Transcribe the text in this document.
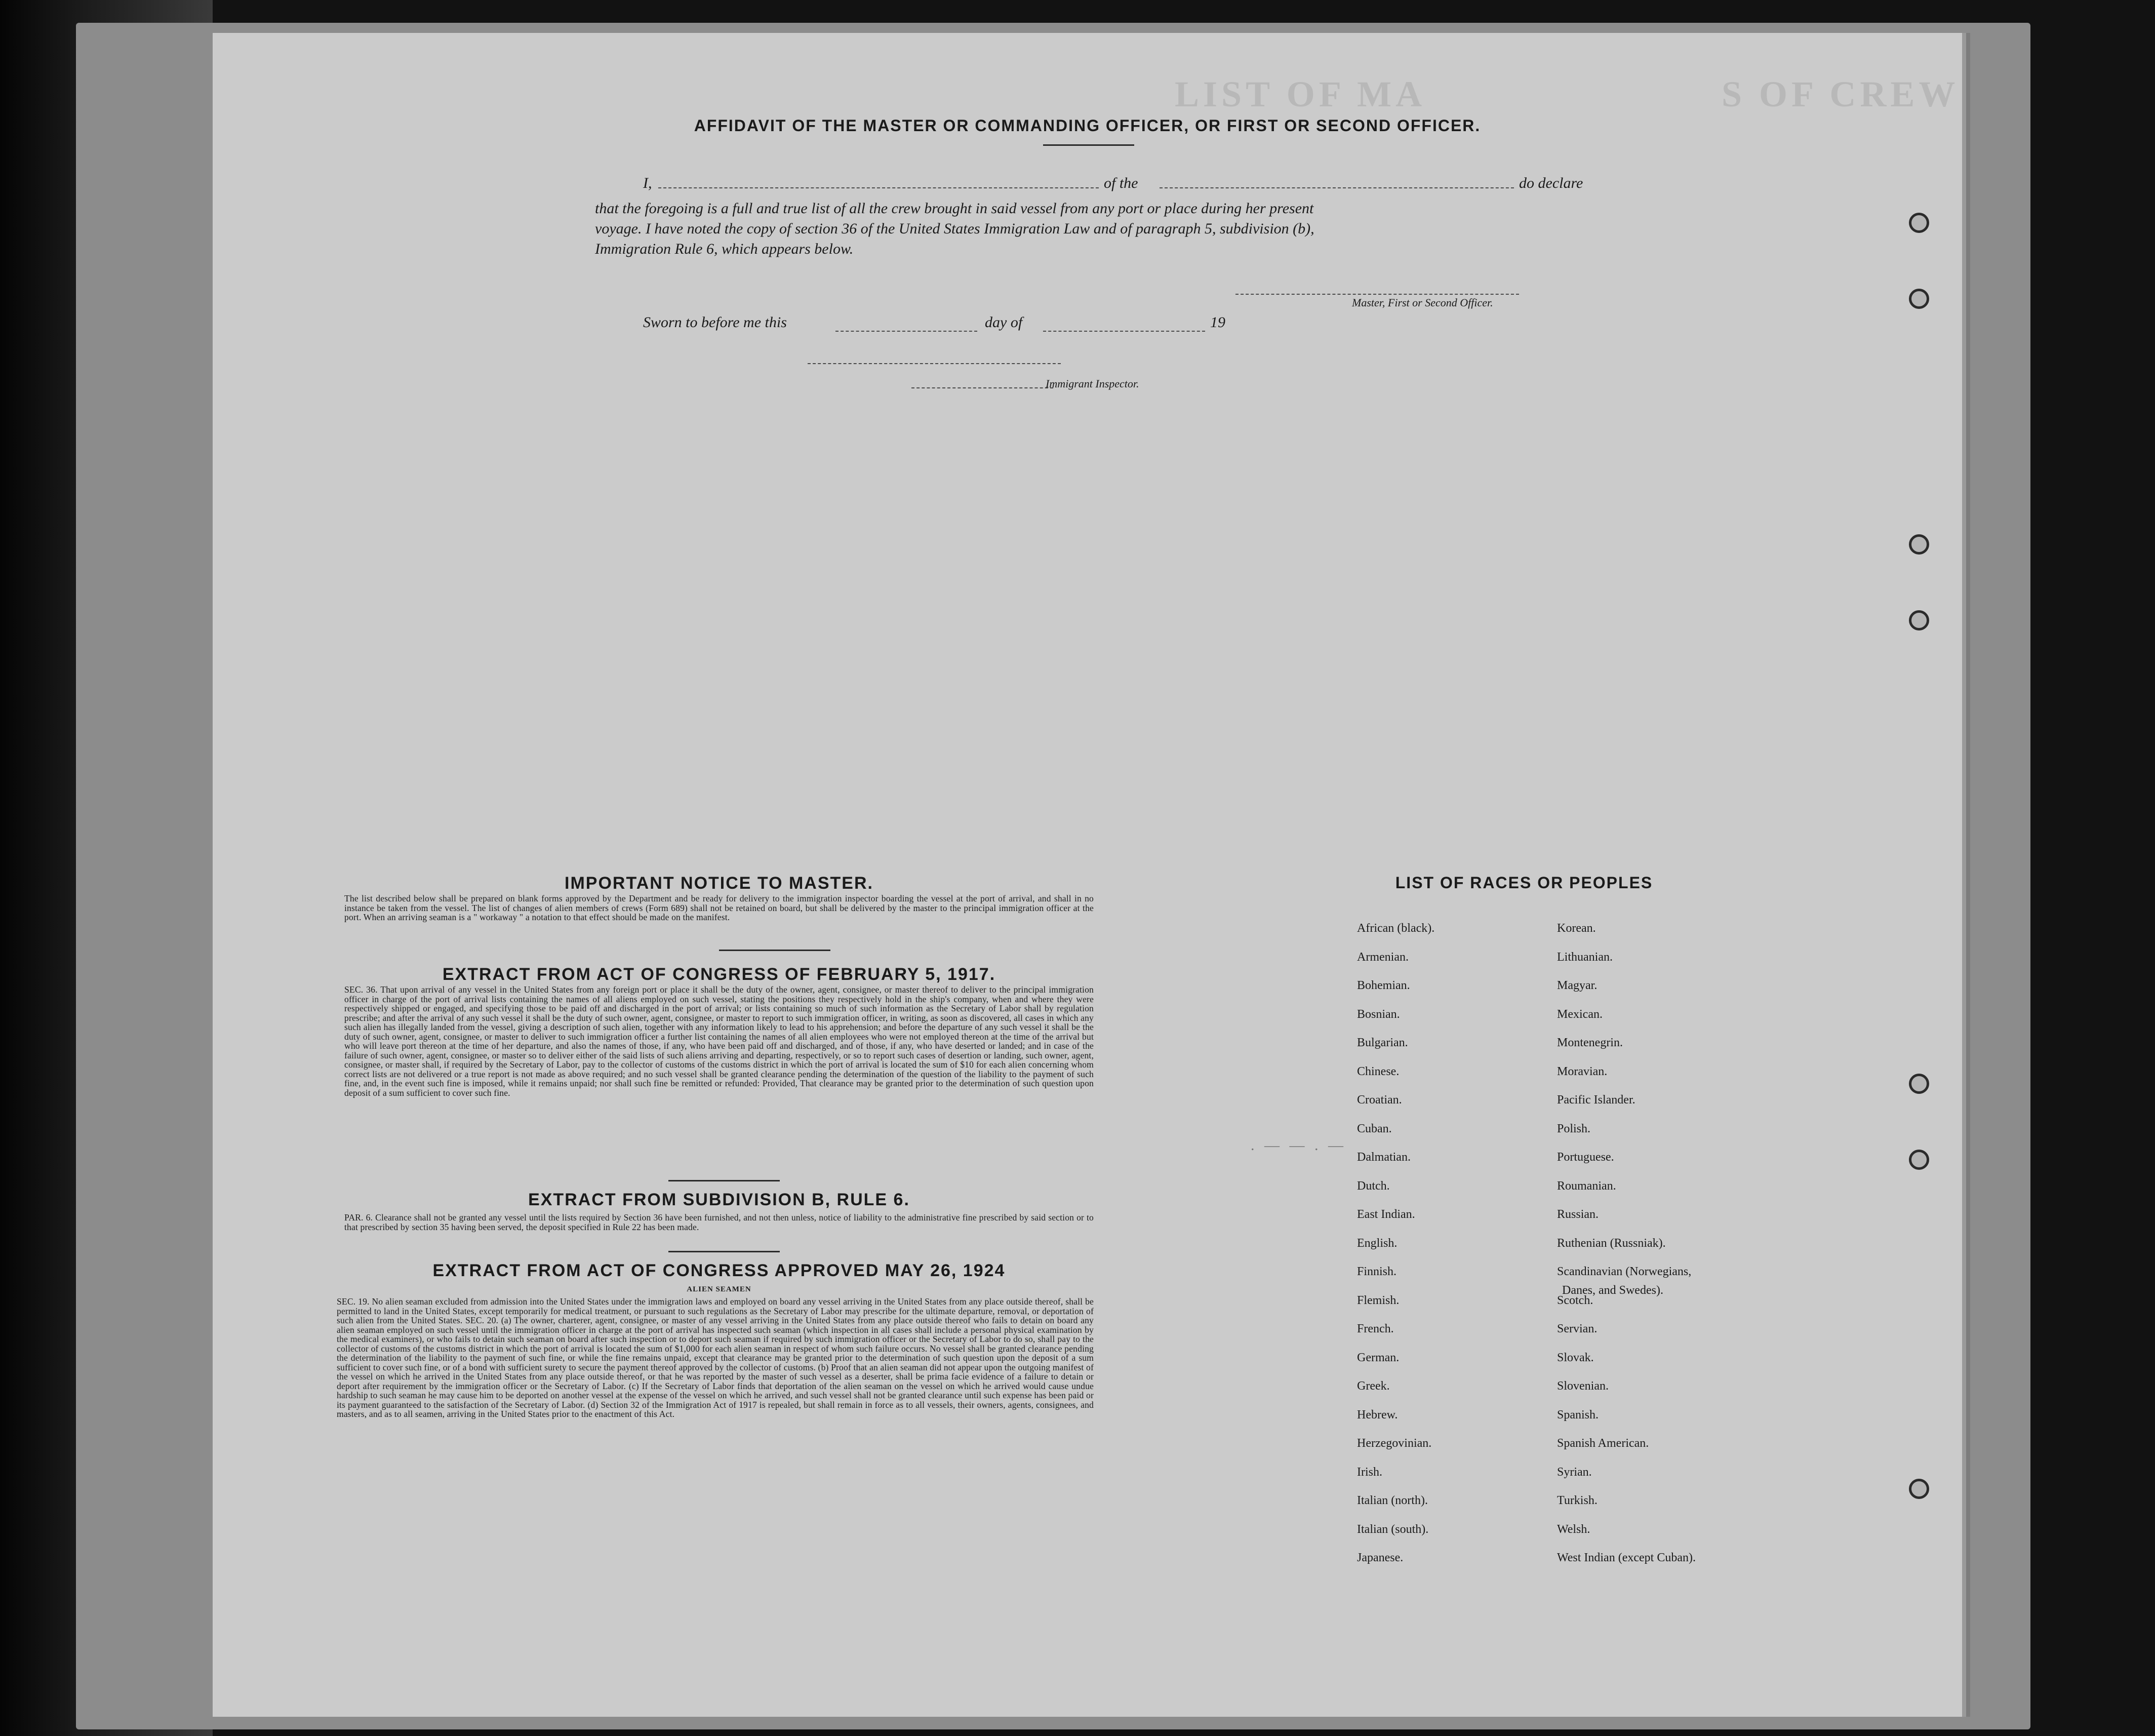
LIST OF MA	S OF CREW
AFFIDAVIT OF THE MASTER OR COMMANDING OFFICER, OR FIRST OR SECOND OFFICER.
I,	of the	do declare
that the foregoing is a full and true list of all the crew brought in said vessel from any port or place during her present
voyage. I have noted the copy of section 36 of the United States Immigration Law and of paragraph 5, subdivision (b),
Immigration Rule 6, which appears below.
Master, First or Second Officer.
Sworn to before me this	day of	19
Immigrant Inspector.
. — — . —
IMPORTANT NOTICE TO MASTER.
The list described below shall be prepared on blank forms approved by the Department and be ready for delivery to the immigration inspector boarding the vessel at the port of arrival, and shall in no instance be taken from the vessel. The list of changes of alien members of crews (Form 689) shall not be retained on board, but shall be delivered by the master to the principal immigration officer at the port. When an arriving seaman is a " workaway " a notation to that effect should be made on the manifest.
EXTRACT FROM ACT OF CONGRESS OF FEBRUARY 5, 1917.
SEC. 36. That upon arrival of any vessel in the United States from any foreign port or place it shall be the duty of the owner, agent, consignee, or master thereof to deliver to the principal immigration officer in charge of the port of arrival lists containing the names of all aliens employed on such vessel, stating the positions they respectively hold in the ship's company, when and where they were respectively shipped or engaged, and specifying those to be paid off and discharged in the port of arrival; or lists containing so much of such information as the Secretary of Labor shall by regulation prescribe; and after the arrival of any such vessel it shall be the duty of such owner, agent, consignee, or master to report to such immigration officer, in writing, as soon as discovered, all cases in which any such alien has illegally landed from the vessel, giving a description of such alien, together with any information likely to lead to his apprehension; and before the departure of any such vessel it shall be the duty of such owner, agent, consignee, or master to deliver to such immigration officer a further list containing the names of all alien employees who were not employed thereon at the time of the arrival but who will leave port thereon at the time of her departure, and also the names of those, if any, who have been paid off and discharged, and of those, if any, who have deserted or landed; and in case of the failure of such owner, agent, consignee, or master so to deliver either of the said lists of such aliens arriving and departing, respectively, or so to report such cases of desertion or landing, such owner, agent, consignee, or master shall, if required by the Secretary of Labor, pay to the collector of customs of the customs district in which the port of arrival is located the sum of $10 for each alien concerning whom correct lists are not delivered or a true report is not made as above required; and no such vessel shall be granted clearance pending the determination of the question of the liability to the payment of such fine, and, in the event such fine is imposed, while it remains unpaid; nor shall such fine be remitted or refunded: Provided, That clearance may be granted prior to the determination of such question upon deposit of a sum sufficient to cover such fine.
EXTRACT FROM SUBDIVISION B, RULE 6.
PAR. 6. Clearance shall not be granted any vessel until the lists required by Section 36 have been furnished, and not then unless, notice of liability to the administrative fine prescribed by said section or to that prescribed by section 35 having been served, the deposit specified in Rule 22 has been made.
EXTRACT FROM ACT OF CONGRESS APPROVED MAY 26, 1924
ALIEN SEAMEN
SEC. 19. No alien seaman excluded from admission into the United States under the immigration laws and employed on board any vessel arriving in the United States from any place outside thereof, shall be permitted to land in the United States, except temporarily for medical treatment, or pursuant to such regulations as the Secretary of Labor may prescribe for the ultimate departure, removal, or deportation of such alien from the United States. SEC. 20. (a) The owner, charterer, agent, consignee, or master of any vessel arriving in the United States from any place outside thereof who fails to detain on board any alien seaman employed on such vessel until the immigration officer in charge at the port of arrival has inspected such seaman (which inspection in all cases shall include a personal physical examination by the medical examiners), or who fails to detain such seaman on board after such inspection or to deport such seaman if required by such immigration officer or the Secretary of Labor to do so, shall pay to the collector of customs of the customs district in which the port of arrival is located the sum of $1,000 for each alien seaman in respect of whom such failure occurs. No vessel shall be granted clearance pending the determination of the liability to the payment of such fine, or while the fine remains unpaid, except that clearance may be granted prior to the determination of such question upon the deposit of a sum sufficient to cover such fine, or of a bond with sufficient surety to secure the payment thereof approved by the collector of customs. (b) Proof that an alien seaman did not appear upon the outgoing manifest of the vessel on which he arrived in the United States from any place outside thereof, or that he was reported by the master of such vessel as a deserter, shall be prima facie evidence of a failure to detain or deport after requirement by the immigration officer or the Secretary of Labor. (c) If the Secretary of Labor finds that deportation of the alien seaman on the vessel on which he arrived would cause undue hardship to such seaman he may cause him to be deported on another vessel at the expense of the vessel on which he arrived, and such vessel shall not be granted clearance until such expense has been paid or its payment guaranteed to the satisfaction of the Secretary of Labor. (d) Section 32 of the Immigration Act of 1917 is repealed, but shall remain in force as to all vessels, their owners, agents, consignees, and masters, and as to all seamen, arriving in the United States prior to the enactment of this Act.
LIST OF RACES OR PEOPLES
Danes, and Swedes).
African (black).
Armenian.
Bohemian.
Bosnian.
Bulgarian.
Chinese.
Croatian.
Cuban.
Dalmatian.
Dutch.
East Indian.
English.
Finnish.
Flemish.
French.
German.
Greek.
Hebrew.
Herzegovinian.
Irish.
Italian (north).
Italian (south).
Japanese.
Korean.
Lithuanian.
Magyar.
Mexican.
Montenegrin.
Moravian.
Pacific Islander.
Polish.
Portuguese.
Roumanian.
Russian.
Ruthenian (Russniak).
Scandinavian (Norwegians,
Scotch.
Servian.
Slovak.
Slovenian.
Spanish.
Spanish American.
Syrian.
Turkish.
Welsh.
West Indian (except Cuban).
